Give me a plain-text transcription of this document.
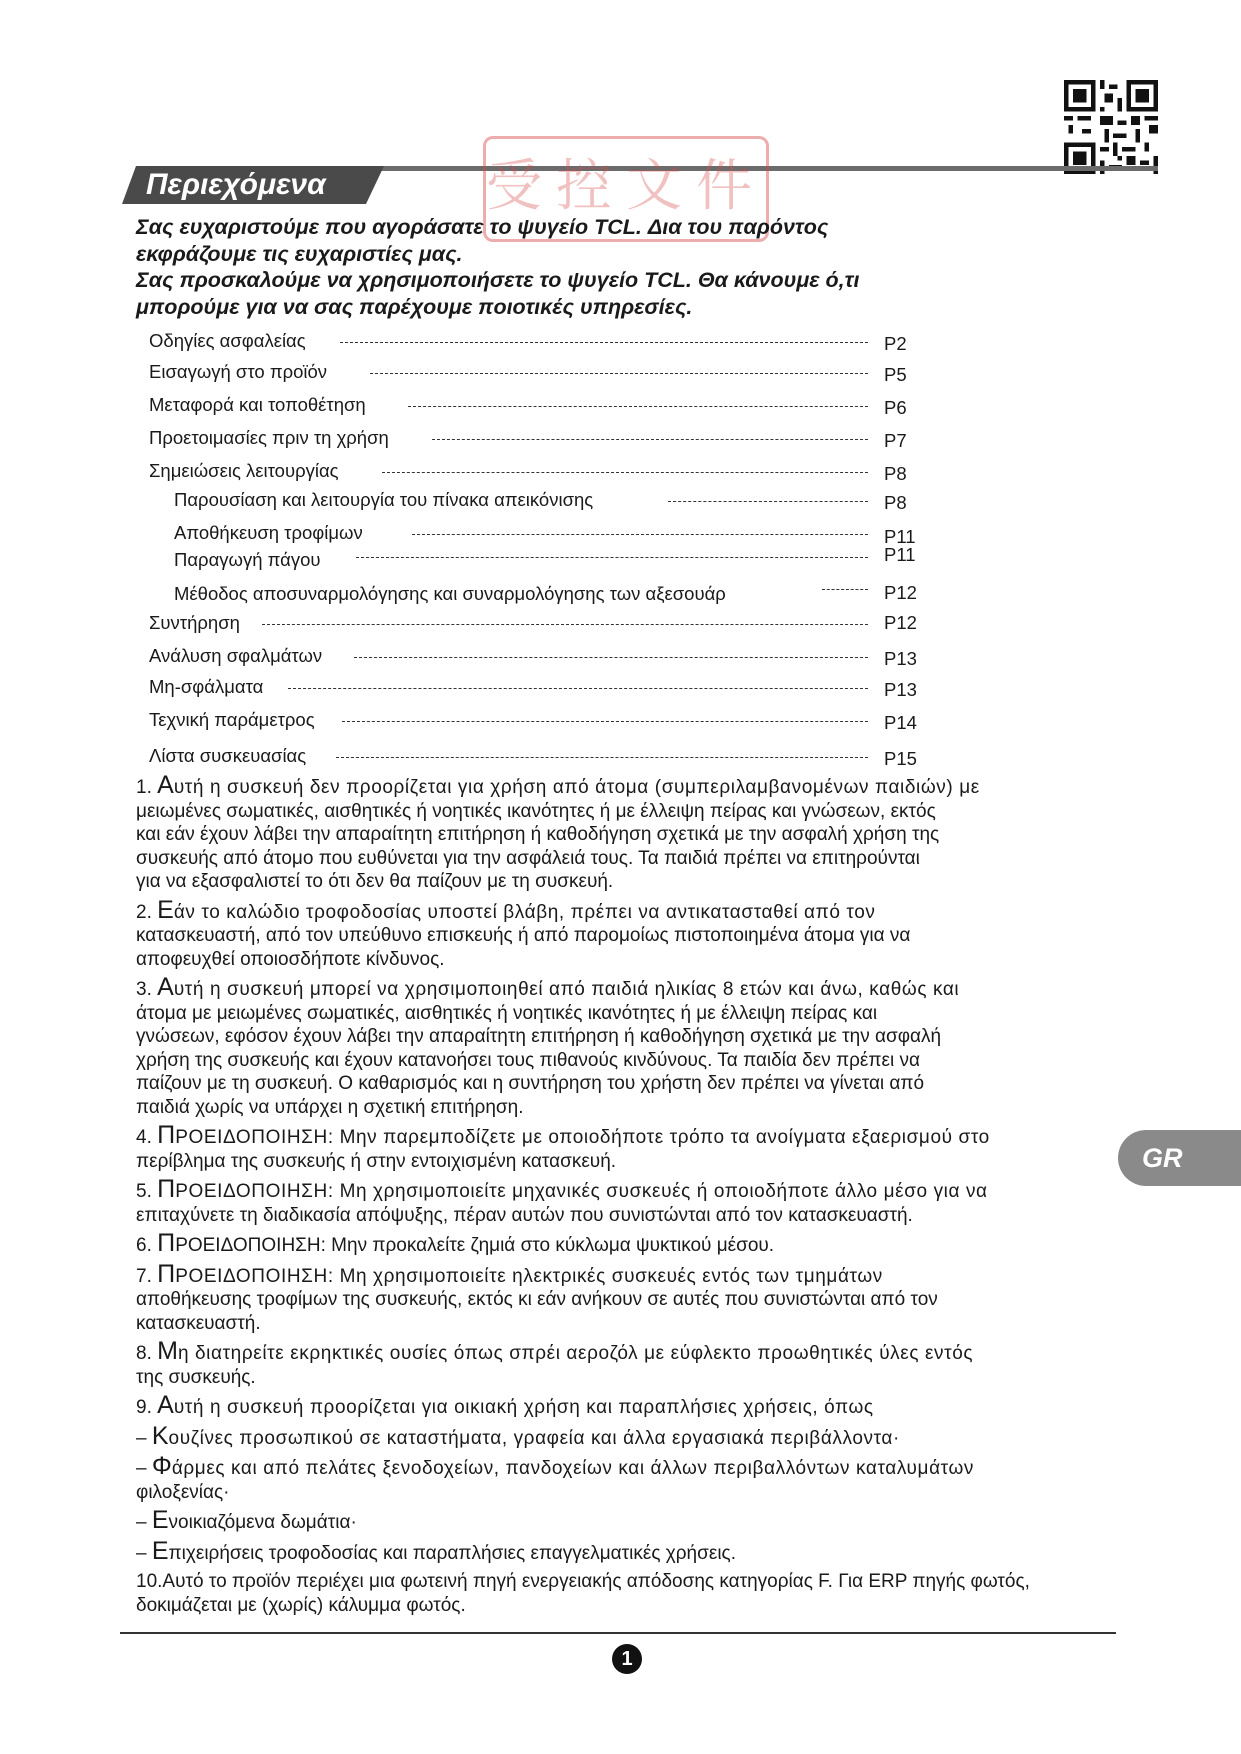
Περιεχόμενα	受控文件
Σας ευχαριστούμε που αγοράσατε το ψυγείο TCL. Δια του παρόντος
εκφράζουμε τις ευχαριστίες μας.
Σας προσκαλούμε να χρησιμοποιήσετε το ψυγείο TCL. Θα κάνουμε ό,τι
μπορούμε για να σας παρέχουμε ποιοτικές υπηρεσίες.
Οδηγίες ασφαλείας	P2
Εισαγωγή στο προϊόν	P5
Μεταφορά και τοποθέτηση	P6
Προετοιμασίες πριν τη χρήση	P7
Σημειώσεις λειτουργίας	P8
Παρουσίαση και λειτουργία του πίνακα απεικόνισης	P8
Αποθήκευση τροφίμων	P11
Παραγωγή πάγου	P11
Μέθοδος αποσυναρμολόγησης και συναρμολόγησης των αξεσουάρ	P12
Συντήρηση	P12
Ανάλυση σφαλμάτων	P13
Μη-σφάλματα	P13
Τεχνική παράμετρος	P14
Λίστα συσκευασίας	P15
1. Αυτή η συσκευή δεν προορίζεται για χρήση από άτομα (συμπεριλαμβανομένων παιδιών) με
μειωμένες σωματικές, αισθητικές ή νοητικές ικανότητες ή με έλλειψη πείρας και γνώσεων, εκτός
και εάν έχουν λάβει την απαραίτητη επιτήρηση ή καθοδήγηση σχετικά με την ασφαλή χρήση της
συσκευής από άτομο που ευθύνεται για την ασφάλειά τους. Τα παιδιά πρέπει να επιτηρούνται
για να εξασφαλιστεί το ότι δεν θα παίζουν με τη συσκευή.
2. Εάν το καλώδιο τροφοδοσίας υποστεί βλάβη, πρέπει να αντικατασταθεί από τον
κατασκευαστή, από τον υπεύθυνο επισκευής ή από παρομοίως πιστοποιημένα άτομα για να
αποφευχθεί οποιοσδήποτε κίνδυνος.
3. Αυτή η συσκευή μπορεί να χρησιμοποιηθεί από παιδιά ηλικίας 8 ετών και άνω, καθώς και
άτομα με μειωμένες σωματικές, αισθητικές ή νοητικές ικανότητες ή με έλλειψη πείρας και
γνώσεων, εφόσον έχουν λάβει την απαραίτητη επιτήρηση ή καθοδήγηση σχετικά με την ασφαλή
χρήση της συσκευής και έχουν κατανοήσει τους πιθανούς κινδύνους. Τα παιδία δεν πρέπει να
παίζουν με τη συσκευή. Ο καθαρισμός και η συντήρηση του χρήστη δεν πρέπει να γίνεται από
παιδιά χωρίς να υπάρχει η σχετική επιτήρηση.
4. ΠΡΟΕΙΔΟΠΟΙΗΣΗ: Μην παρεμποδίζετε με οποιοδήποτε τρόπο τα ανοίγματα εξαερισμού στο
περίβλημα της συσκευής ή στην εντοιχισμένη κατασκευή.
5. ΠΡΟΕΙΔΟΠΟΙΗΣΗ: Μη χρησιμοποιείτε μηχανικές συσκευές ή οποιοδήποτε άλλο μέσο για να
επιταχύνετε τη διαδικασία απόψυξης, πέραν αυτών που συνιστώνται από τον κατασκευαστή.
6. ΠΡΟΕΙΔΟΠΟΙΗΣΗ: Μην προκαλείτε ζημιά στο κύκλωμα ψυκτικού μέσου.
7. ΠΡΟΕΙΔΟΠΟΙΗΣΗ: Μη χρησιμοποιείτε ηλεκτρικές συσκευές εντός των τμημάτων
αποθήκευσης τροφίμων της συσκευής, εκτός κι εάν ανήκουν σε αυτές που συνιστώνται από τον
κατασκευαστή.
8. Μη διατηρείτε εκρηκτικές ουσίες όπως σπρέι αεροζόλ με εύφλεκτο προωθητικές ύλες εντός
της συσκευής.
9. Αυτή η συσκευή προορίζεται για οικιακή χρήση και παραπλήσιες χρήσεις, όπως
– Κουζίνες προσωπικού σε καταστήματα, γραφεία και άλλα εργασιακά περιβάλλοντα·
– Φάρμες και από πελάτες ξενοδοχείων, πανδοχείων και άλλων περιβαλλόντων καταλυμάτων
φιλοξενίας·
– Ενοικιαζόμενα δωμάτια·
– Επιχειρήσεις τροφοδοσίας και παραπλήσιες επαγγελματικές χρήσεις.
10.Αυτό το προϊόν περιέχει μια φωτεινή πηγή ενεργειακής απόδοσης κατηγορίας F. Για ERP πηγής φωτός,
δοκιμάζεται με (χωρίς) κάλυμμα φωτός.
GR
1
